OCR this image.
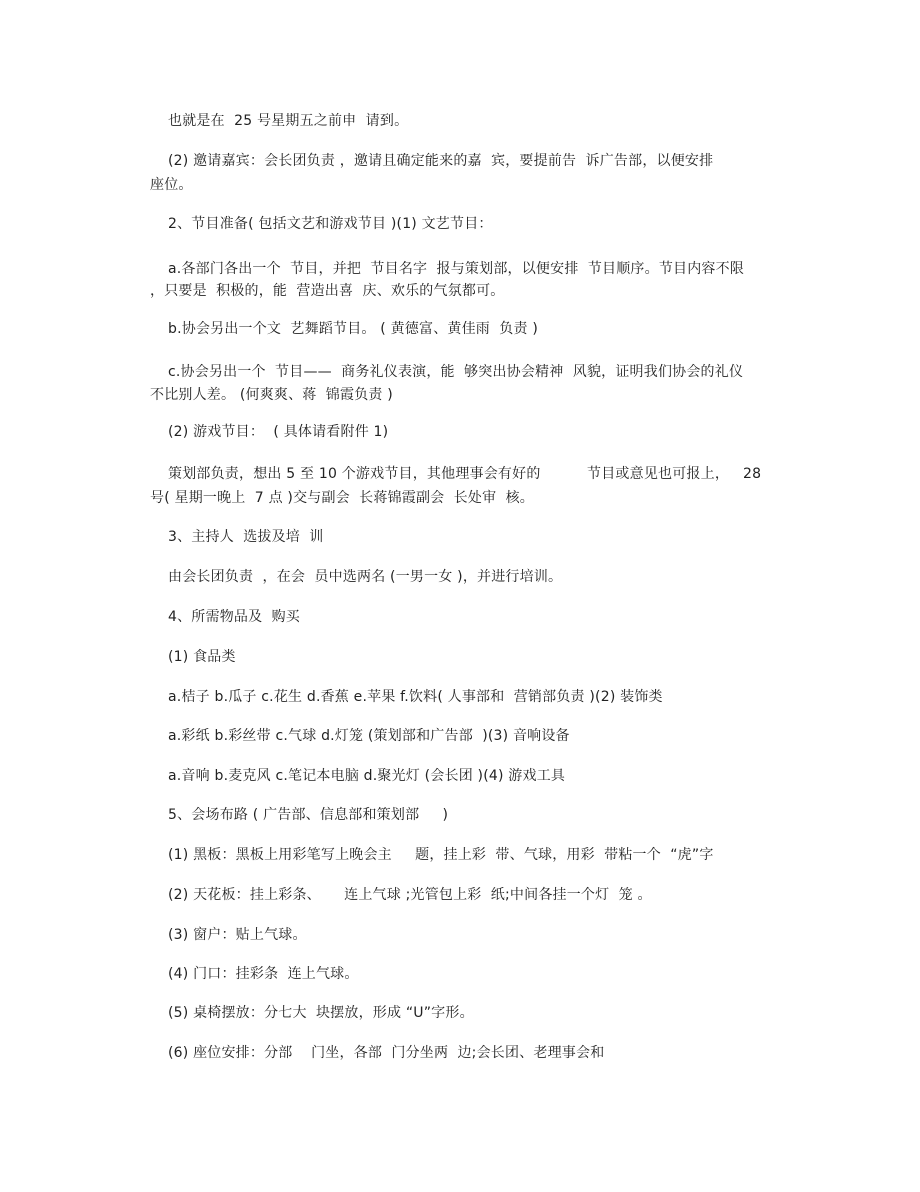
也就是在  25 号星期五之前申  请到。
(2) 邀请嘉宾：会长团负责 ，邀请且确定能来的嘉  宾，要提前告  诉广告部，以便安排
座位。
2、节目准备( 包括文艺和游戏节目 )(1) 文艺节目：
a.各部门各出一个  节目，并把  节目名字  报与策划部，以便安排  节目顺序。节目内容不限
，只要是  积极的，能  营造出喜  庆、欢乐的气氛都可。
b.协会另出一个文  艺舞蹈节目。 ( 黄德富、黄佳雨  负责 )
c.协会另出一个  节目——  商务礼仪表演，能  够突出协会精神  风貌，证明我们协会的礼仪
不比别人差。 (何爽爽、蒋  锦霞负责 )
(2) 游戏节目：  ( 具体请看附件 1)
策划部负责，想出 5 至 10 个游戏节目，其他理事会有好的          节目或意见也可报上，   28
号( 星期一晚上  7 点 )交与副会  长蒋锦霞副会  长处审  核。
3、主持人  选拔及培  训
由会长团负责  ，在会  员中选两名 (一男一女 )，并进行培训。
4、所需物品及  购买
(1) 食品类
a.桔子 b.瓜子 c.花生 d.香蕉 e.苹果 f.饮料( 人事部和  营销部负责 )(2) 装饰类
a.彩纸 b.彩丝带 c.气球 d.灯笼 (策划部和广告部  )(3) 音响设备
a.音响 b.麦克风 c.笔记本电脑 d.聚光灯 (会长团 )(4) 游戏工具
5、会场布路 ( 广告部、信息部和策划部     )
(1) 黑板：黑板上用彩笔写上晚会主     题，挂上彩  带、气球，用彩  带粘一个  “虎”字
(2) 天花板：挂上彩条、     连上气球 ;光管包上彩  纸;中间各挂一个灯  笼 。
(3) 窗户：贴上气球。
(4) 门口：挂彩条  连上气球。
(5) 桌椅摆放：分七大  块摆放，形成 “U”字形。
(6) 座位安排：分部    门坐，各部  门分坐两  边;会长团、老理事会和
